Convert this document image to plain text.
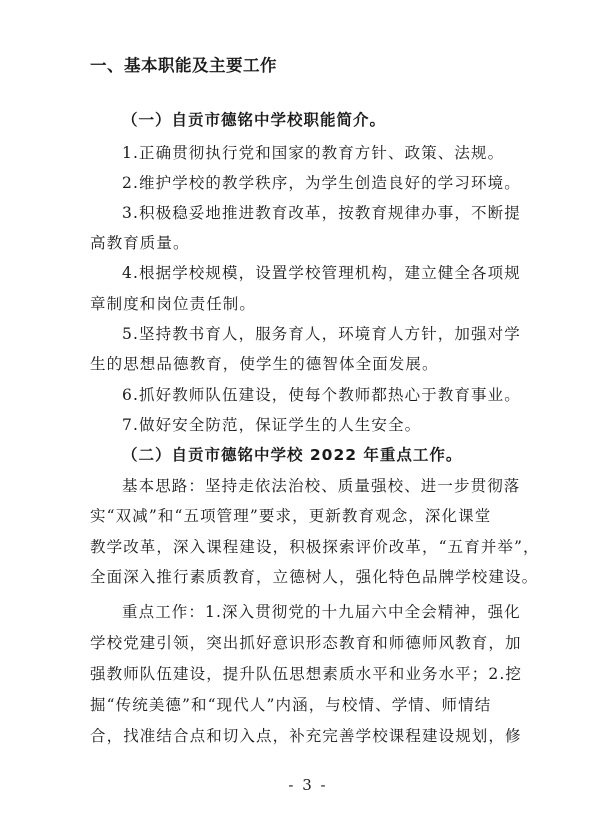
一、基本职能及主要工作
（一）自贡市德铭中学校职能简介。
1.正确贯彻执行党和国家的教育方针、政策、法规。
2.维护学校的教学秩序，为学生创造良好的学习环境。
3.积极稳妥地推进教育改革，按教育规律办事，不断提
高教育质量。
4.根据学校规模，设置学校管理机构，建立健全各项规
章制度和岗位责任制。
5.坚持教书育人，服务育人，环境育人方针，加强对学
生的思想品德教育，使学生的德智体全面发展。
6.抓好教师队伍建设，使每个教师都热心于教育事业。
7.做好安全防范，保证学生的人生安全。
（二）自贡市德铭中学校 2022 年重点工作。
基本思路：坚持走依法治校、质量强校、进一步贯彻落
实“双减”和“五项管理”要求，更新教育观念，深化课堂
教学改革，深入课程建设，积极探索评价改革，“五育并举”，
全面深入推行素质教育，立德树人，强化特色品牌学校建设。
重点工作：1.深入贯彻党的十九届六中全会精神，强化
学校党建引领，突出抓好意识形态教育和师德师风教育，加
强教师队伍建设，提升队伍思想素质水平和业务水平；2.挖
掘“传统美德”和“现代人”内涵，与校情、学情、师情结
合，找准结合点和切入点，补充完善学校课程建设规划，修
- 3 -
